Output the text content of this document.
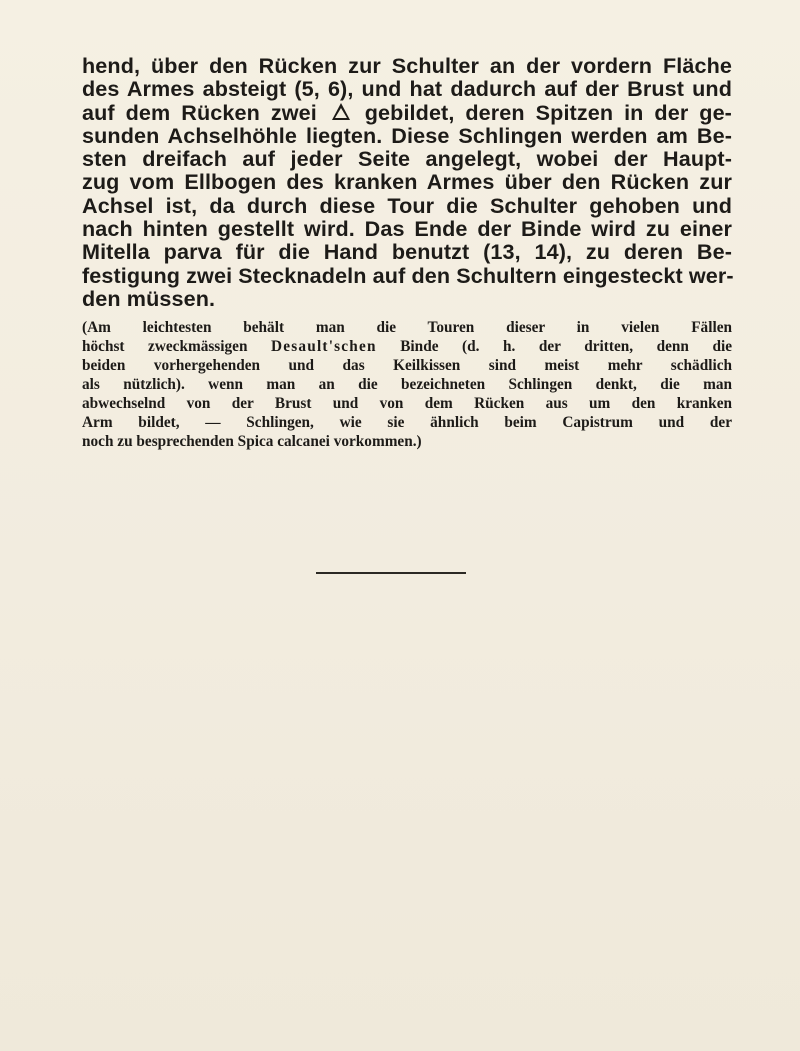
hend, über den Rücken zur Schulter an der vordern Fläche
des Armes absteigt (5, 6), und hat dadurch auf der Brust und
auf dem Rücken zwei gebildet, deren Spitzen in der ge-
sunden Achselhöhle liegten. Diese Schlingen werden am Be-
sten dreifach auf jeder Seite angelegt, wobei der Haupt-
zug vom Ellbogen des kranken Armes über den Rücken zur
Achsel ist, da durch diese Tour die Schulter gehoben und
nach hinten gestellt wird. Das Ende der Binde wird zu einer
Mitella parva für die Hand benutzt (13, 14), zu deren Be-
festigung zwei Stecknadeln auf den Schultern eingesteckt wer-
den müssen.
(Am leichtesten behält man die Touren dieser in vielen Fällen
höchst zweckmässigen Desault'schen Binde (d. h. der dritten, denn die
beiden vorhergehenden und das Keilkissen sind meist mehr schädlich
als nützlich). wenn man an die bezeichneten Schlingen denkt, die man
abwechselnd von der Brust und von dem Rücken aus um den kranken
Arm bildet, — Schlingen, wie sie ähnlich beim Capistrum und der
noch zu besprechenden Spica calcanei vorkommen.)
